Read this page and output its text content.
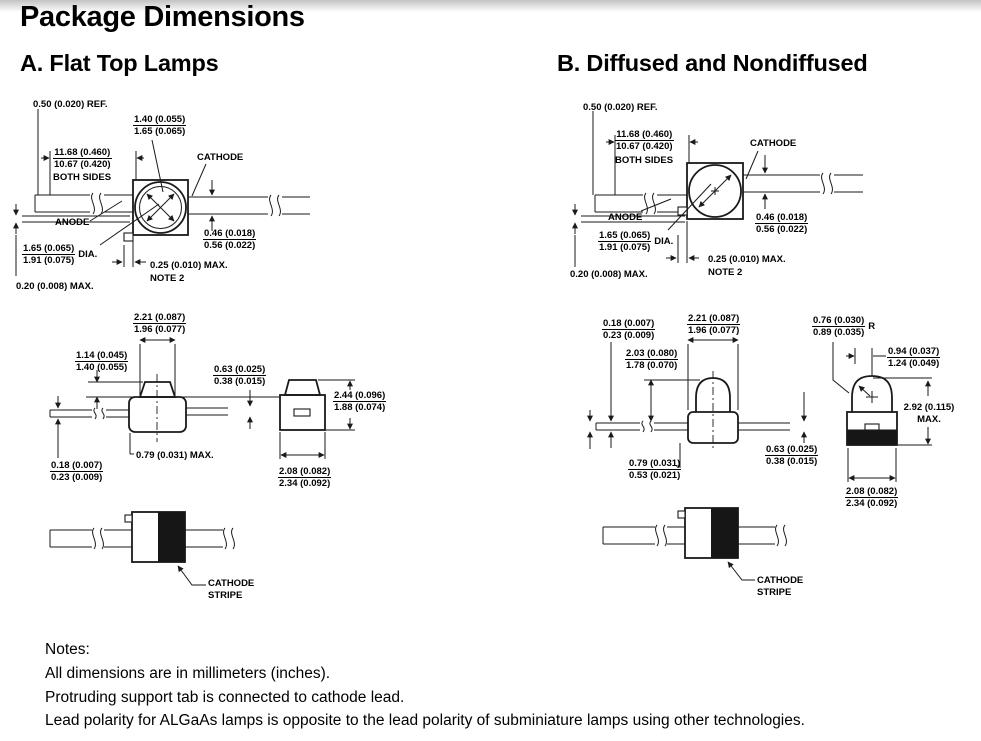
Package Dimensions
A. Flat Top Lamps	B. Diffused and Nondiffused
0.50 (0.020) REF.
1.40 (0.055)
1.65 (0.065)
11.68 (0.460)
10.67 (0.420)
BOTH SIDES
CATHODE
ANODE
1.65 (0.065)
1.91 (0.075)
DIA.
0.46 (0.018)
0.56 (0.022)
0.25 (0.010) MAX.
NOTE 2
0.20 (0.008) MAX.
2.21 (0.087)
1.96 (0.077)
1.14 (0.045)
1.40 (0.055)	0.63 (0.025)
0.38 (0.015)
2.44 (0.096)
1.88 (0.074)
0.79 (0.031) MAX.
0.18 (0.007)
0.23 (0.009)
2.08 (0.082)
2.34 (0.092)
CATHODE
STRIPE
0.50 (0.020) REF.
11.68 (0.460)
10.67 (0.420)
BOTH SIDES
CATHODE
ANODE
1.65 (0.065)
1.91 (0.075)
DIA.
0.46 (0.018)
0.56 (0.022)
0.25 (0.010) MAX.
NOTE 2
0.20 (0.008) MAX.
0.18 (0.007)
0.23 (0.009)
2.21 (0.087)
1.96 (0.077)
2.03 (0.080)
1.78 (0.070)
0.76 (0.030)
0.89 (0.035)
R
0.94 (0.037)
1.24 (0.049)
0.79 (0.031)
0.53 (0.021)
0.63 (0.025)
0.38 (0.015)
2.92 (0.115)
MAX.
2.08 (0.082)
2.34 (0.092)
CATHODE
STRIPE
Notes:
All dimensions are in millimeters (inches).
Protruding support tab is connected to cathode lead.
Lead polarity for ALGaAs lamps is opposite to the lead polarity of subminiature lamps using other technologies.
